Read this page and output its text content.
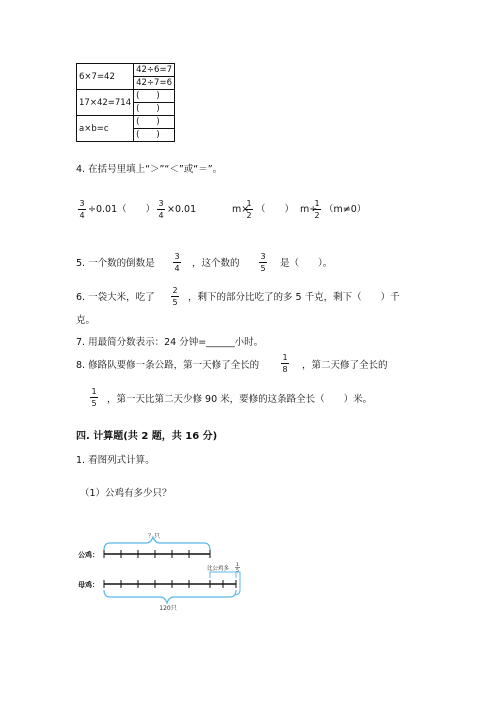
6×7=42	42÷6=7
	42÷7=6
17×42=714	(　　)
	(　　)
a×b=c	(　　)
	(　　)
4. 在括号里填上“＞”“＜”或“＝”。
3
4
÷0.01（　　）
3
4
×0.01	m×
1
2
（　　） m÷
1
2
（m≠0）
5. 一个数的倒数是
3
4 ，这个数的
3
5 是（　　）。
6. 一袋大米，吃了
2
5 ，剩下的部分比吃了的多 5 千克，剩下（　　）千
克。
7. 用最简分数表示：24 分钟=______小时。
8. 修路队要修一条公路，第一天修了全长的
1
8 ，第二天修了全长的
1
5 ，第一天比第二天少修 90 米，要修的这条路全长（　　）米。
四. 计算题(共 2 题，共 16 分)
1. 看图列式计算。
（1）公鸡有多少只？
？只
公鸡：
母鸡：
比公鸡多
1
5
120只
